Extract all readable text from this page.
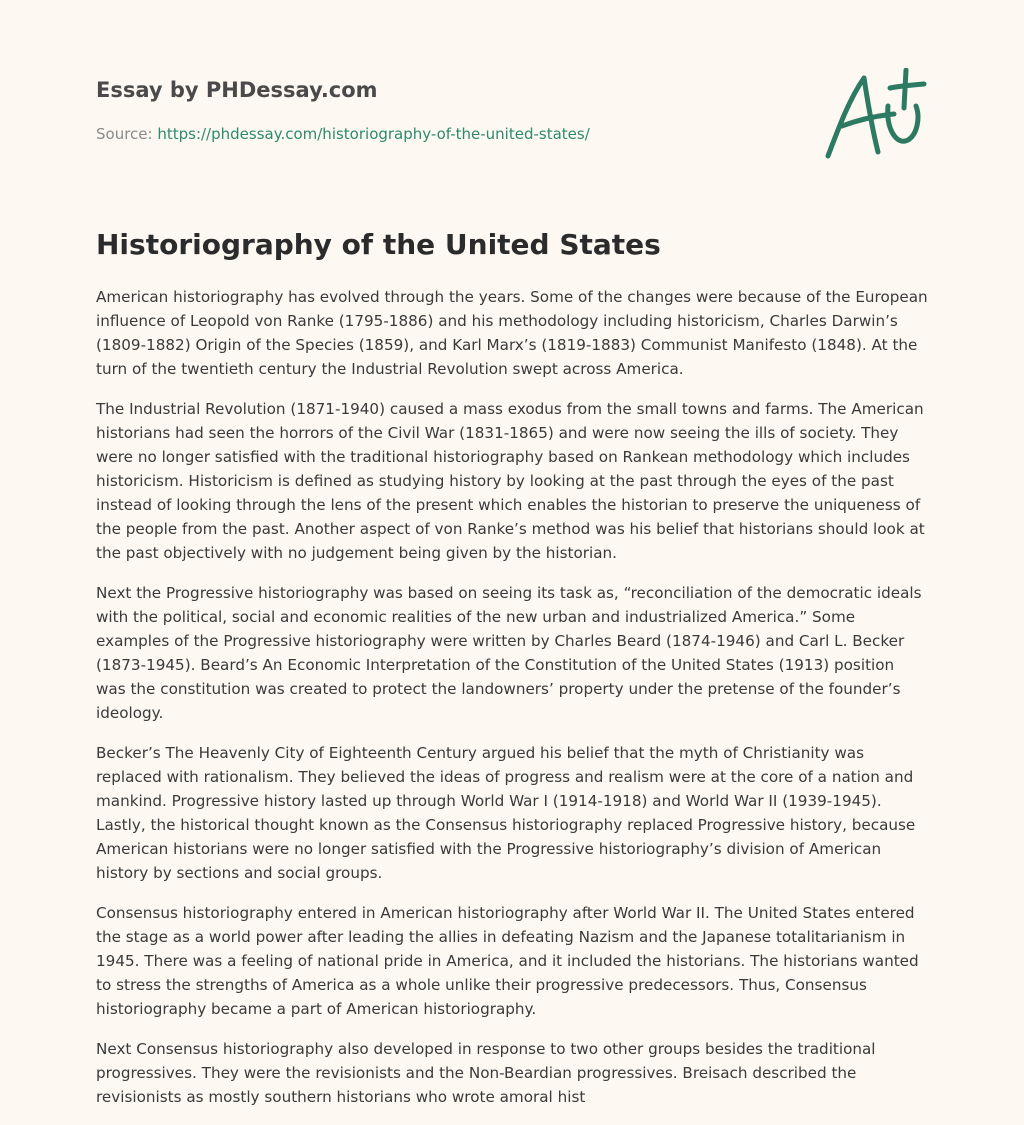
Essay by PHDessay.com
Source: https://phdessay.com/historiography-of-the-united-states/
Historiography of the United States

American historiography has evolved through the years. Some of the changes were because of the European influence of Leopold von Ranke (1795-1886) and his methodology including historicism, Charles Darwin’s (1809-1882) Origin of the Species (1859), and Karl Marx’s (1819-1883) Communist Manifesto (1848). At the turn of the twentieth century the Industrial Revolution swept across America.

The Industrial Revolution (1871-1940) caused a mass exodus from the small towns and farms. The American historians had seen the horrors of the Civil War (1831-1865) and were now seeing the ills of society. They were no longer satisfied with the traditional historiography based on Rankean methodology which includes historicism. Historicism is defined as studying history by looking at the past through the eyes of the past instead of looking through the lens of the present which enables the historian to preserve the uniqueness of the people from the past. Another aspect of von Ranke’s method was his belief that historians should look at the past objectively with no judgement being given by the historian.

Next the Progressive historiography was based on seeing its task as, “reconciliation of the democratic ideals with the political, social and economic realities of the new urban and industrialized America.” Some examples of the Progressive historiography were written by Charles Beard (1874-1946) and Carl L. Becker (1873-1945). Beard’s An Economic Interpretation of the Constitution of the United States (1913) position was the constitution was created to protect the landowners’ property under the pretense of the founder’s ideology.

Becker’s The Heavenly City of Eighteenth Century argued his belief that the myth of Christianity was replaced with rationalism. They believed the ideas of progress and realism were at the core of a nation and mankind. Progressive history lasted up through World War I (1914-1918) and World War II (1939-1945). Lastly, the historical thought known as the Consensus historiography replaced Progressive history, because American historians were no longer satisfied with the Progressive historiography’s division of American history by sections and social groups.

Consensus historiography entered in American historiography after World War II. The United States entered the stage as a world power after leading the allies in defeating Nazism and the Japanese totalitarianism in 1945. There was a feeling of national pride in America, and it included the historians. The historians wanted to stress the strengths of America as a whole unlike their progressive predecessors. Thus, Consensus historiography became a part of American historiography.

Next Consensus historiography also developed in response to two other groups besides the traditional progressives. They were the revisionists and the Non-Beardian progressives. Breisach described the revisionists as mostly southern historians who wrote amoral hist
